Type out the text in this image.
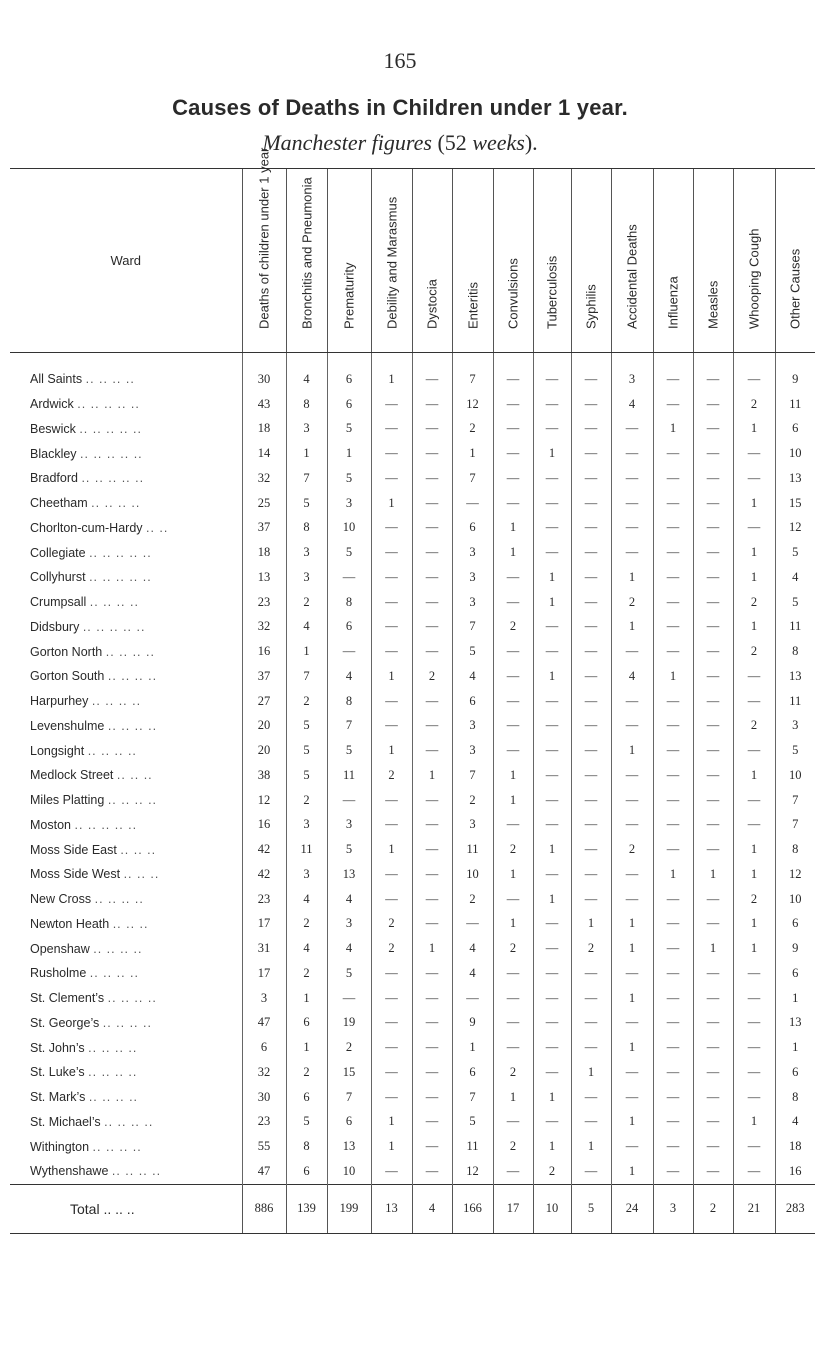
165
Causes of Deaths in Children under 1 year.
Manchester figures (52 weeks).
Ward	Deaths of children under 1 year	Bronchitis and Pneumonia	Prematurity	Debility and Marasmus	Dystocia	Enteritis	Convulsions	Tuberculosis	Syphilis	Accidental Deaths	Influenza	Measles	Whooping Cough	Other Causes

All Saints .. .. .. ..	30	4	6	1	—	7	—	—	—	3	—	—	—	9
Ardwick .. .. .. .. ..	43	8	6	—	—	12	—	—	—	4	—	—	2	11
Beswick .. .. .. .. ..	18	3	5	—	—	2	—	—	—	—	1	—	1	6
Blackley .. .. .. .. ..	14	1	1	—	—	1	—	1	—	—	—	—	—	10
Bradford .. .. .. .. ..	32	7	5	—	—	7	—	—	—	—	—	—	—	13
Cheetham .. .. .. ..	25	5	3	1	—	—	—	—	—	—	—	—	1	15
Chorlton-cum-Hardy .. ..	37	8	10	—	—	6	1	—	—	—	—	—	—	12
Collegiate .. .. .. .. ..	18	3	5	—	—	3	1	—	—	—	—	—	1	5
Collyhurst .. .. .. .. ..	13	3	—	—	—	3	—	1	—	1	—	—	1	4
Crumpsall .. .. .. ..	23	2	8	—	—	3	—	1	—	2	—	—	2	5
Didsbury .. .. .. .. ..	32	4	6	—	—	7	2	—	—	1	—	—	1	11
Gorton North .. .. .. ..	16	1	—	—	—	5	—	—	—	—	—	—	2	8
Gorton South .. .. .. ..	37	7	4	1	2	4	—	1	—	4	1	—	—	13
Harpurhey .. .. .. ..	27	2	8	—	—	6	—	—	—	—	—	—	—	11
Levenshulme .. .. .. ..	20	5	7	—	—	3	—	—	—	—	—	—	2	3
Longsight .. .. .. ..	20	5	5	1	—	3	—	—	—	1	—	—	—	5
Medlock Street .. .. ..	38	5	11	2	1	7	1	—	—	—	—	—	1	10
Miles Platting .. .. .. ..	12	2	—	—	—	2	1	—	—	—	—	—	—	7
Moston .. .. .. .. ..	16	3	3	—	—	3	—	—	—	—	—	—	—	7
Moss Side East .. .. ..	42	11	5	1	—	11	2	1	—	2	—	—	1	8
Moss Side West .. .. ..	42	3	13	—	—	10	1	—	—	—	1	1	1	12
New Cross .. .. .. ..	23	4	4	—	—	2	—	1	—	—	—	—	2	10
Newton Heath .. .. ..	17	2	3	2	—	—	1	—	1	1	—	—	1	6
Openshaw .. .. .. ..	31	4	4	2	1	4	2	—	2	1	—	1	1	9
Rusholme .. .. .. ..	17	2	5	—	—	4	—	—	—	—	—	—	—	6
St. Clement’s .. .. .. ..	3	1	—	—	—	—	—	—	—	1	—	—	—	1
St. George’s .. .. .. ..	47	6	19	—	—	9	—	—	—	—	—	—	—	13
St. John’s .. .. .. ..	6	1	2	—	—	1	—	—	—	1	—	—	—	1
St. Luke’s .. .. .. ..	32	2	15	—	—	6	2	—	1	—	—	—	—	6
St. Mark’s .. .. .. ..	30	6	7	—	—	7	1	1	—	—	—	—	—	8
St. Michael’s .. .. .. ..	23	5	6	1	—	5	—	—	—	1	—	—	1	4
Withington .. .. .. ..	55	8	13	1	—	11	2	1	1	—	—	—	—	18
Wythenshawe .. .. .. ..	47	6	10	—	—	12	—	2	—	1	—	—	—	16
Total .. .. ..	886	139	199	13	4	166	17	10	5	24	3	2	21	283
